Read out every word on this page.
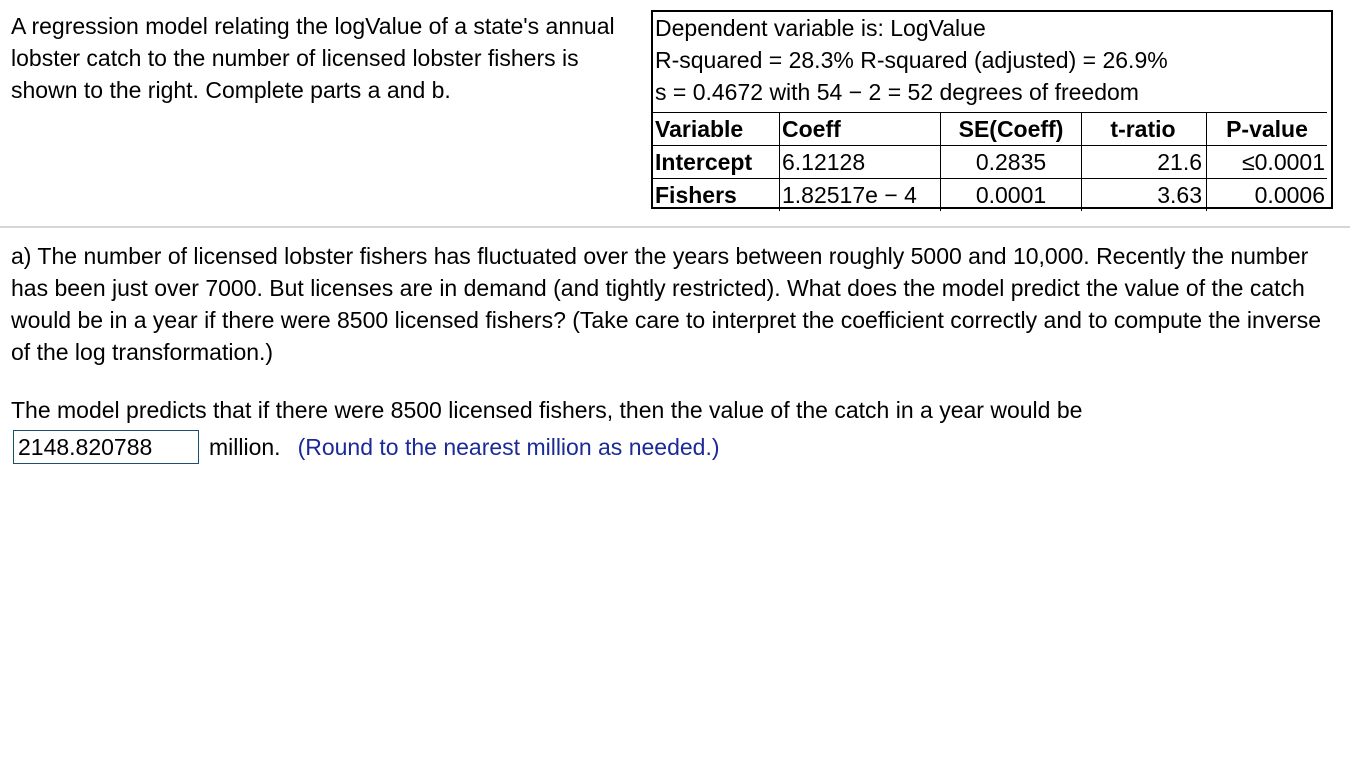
A regression model relating the logValue of a state's annual lobster catch to the number of licensed lobster fishers is shown to the right. Complete parts a and b.
Dependent variable is: LogValue
R-squared = 28.3% R-squared (adjusted) = 26.9%
s = 0.4672 with 54 − 2 = 52 degrees of freedom
Variable	Coeff	SE(Coeff)	t-ratio	P-value
Intercept	6.12128	0.2835	21.6	≤0.0001
Fishers	1.82517e − 4	0.0001	3.63	0.0006
a) The number of licensed lobster fishers has fluctuated over the years between roughly 5000 and 10,000. Recently the number has been just over 7000. But licenses are in demand (and tightly restricted). What does the model predict the value of the catch would be in a year if there were 8500 licensed fishers? (Take care to interpret the coefficient correctly and to compute the inverse of the log transformation.)
The model predicts that if there were 8500 licensed fishers, then the value of the catch in a year would be
2148.820788
million. (Round to the nearest million as needed.)
